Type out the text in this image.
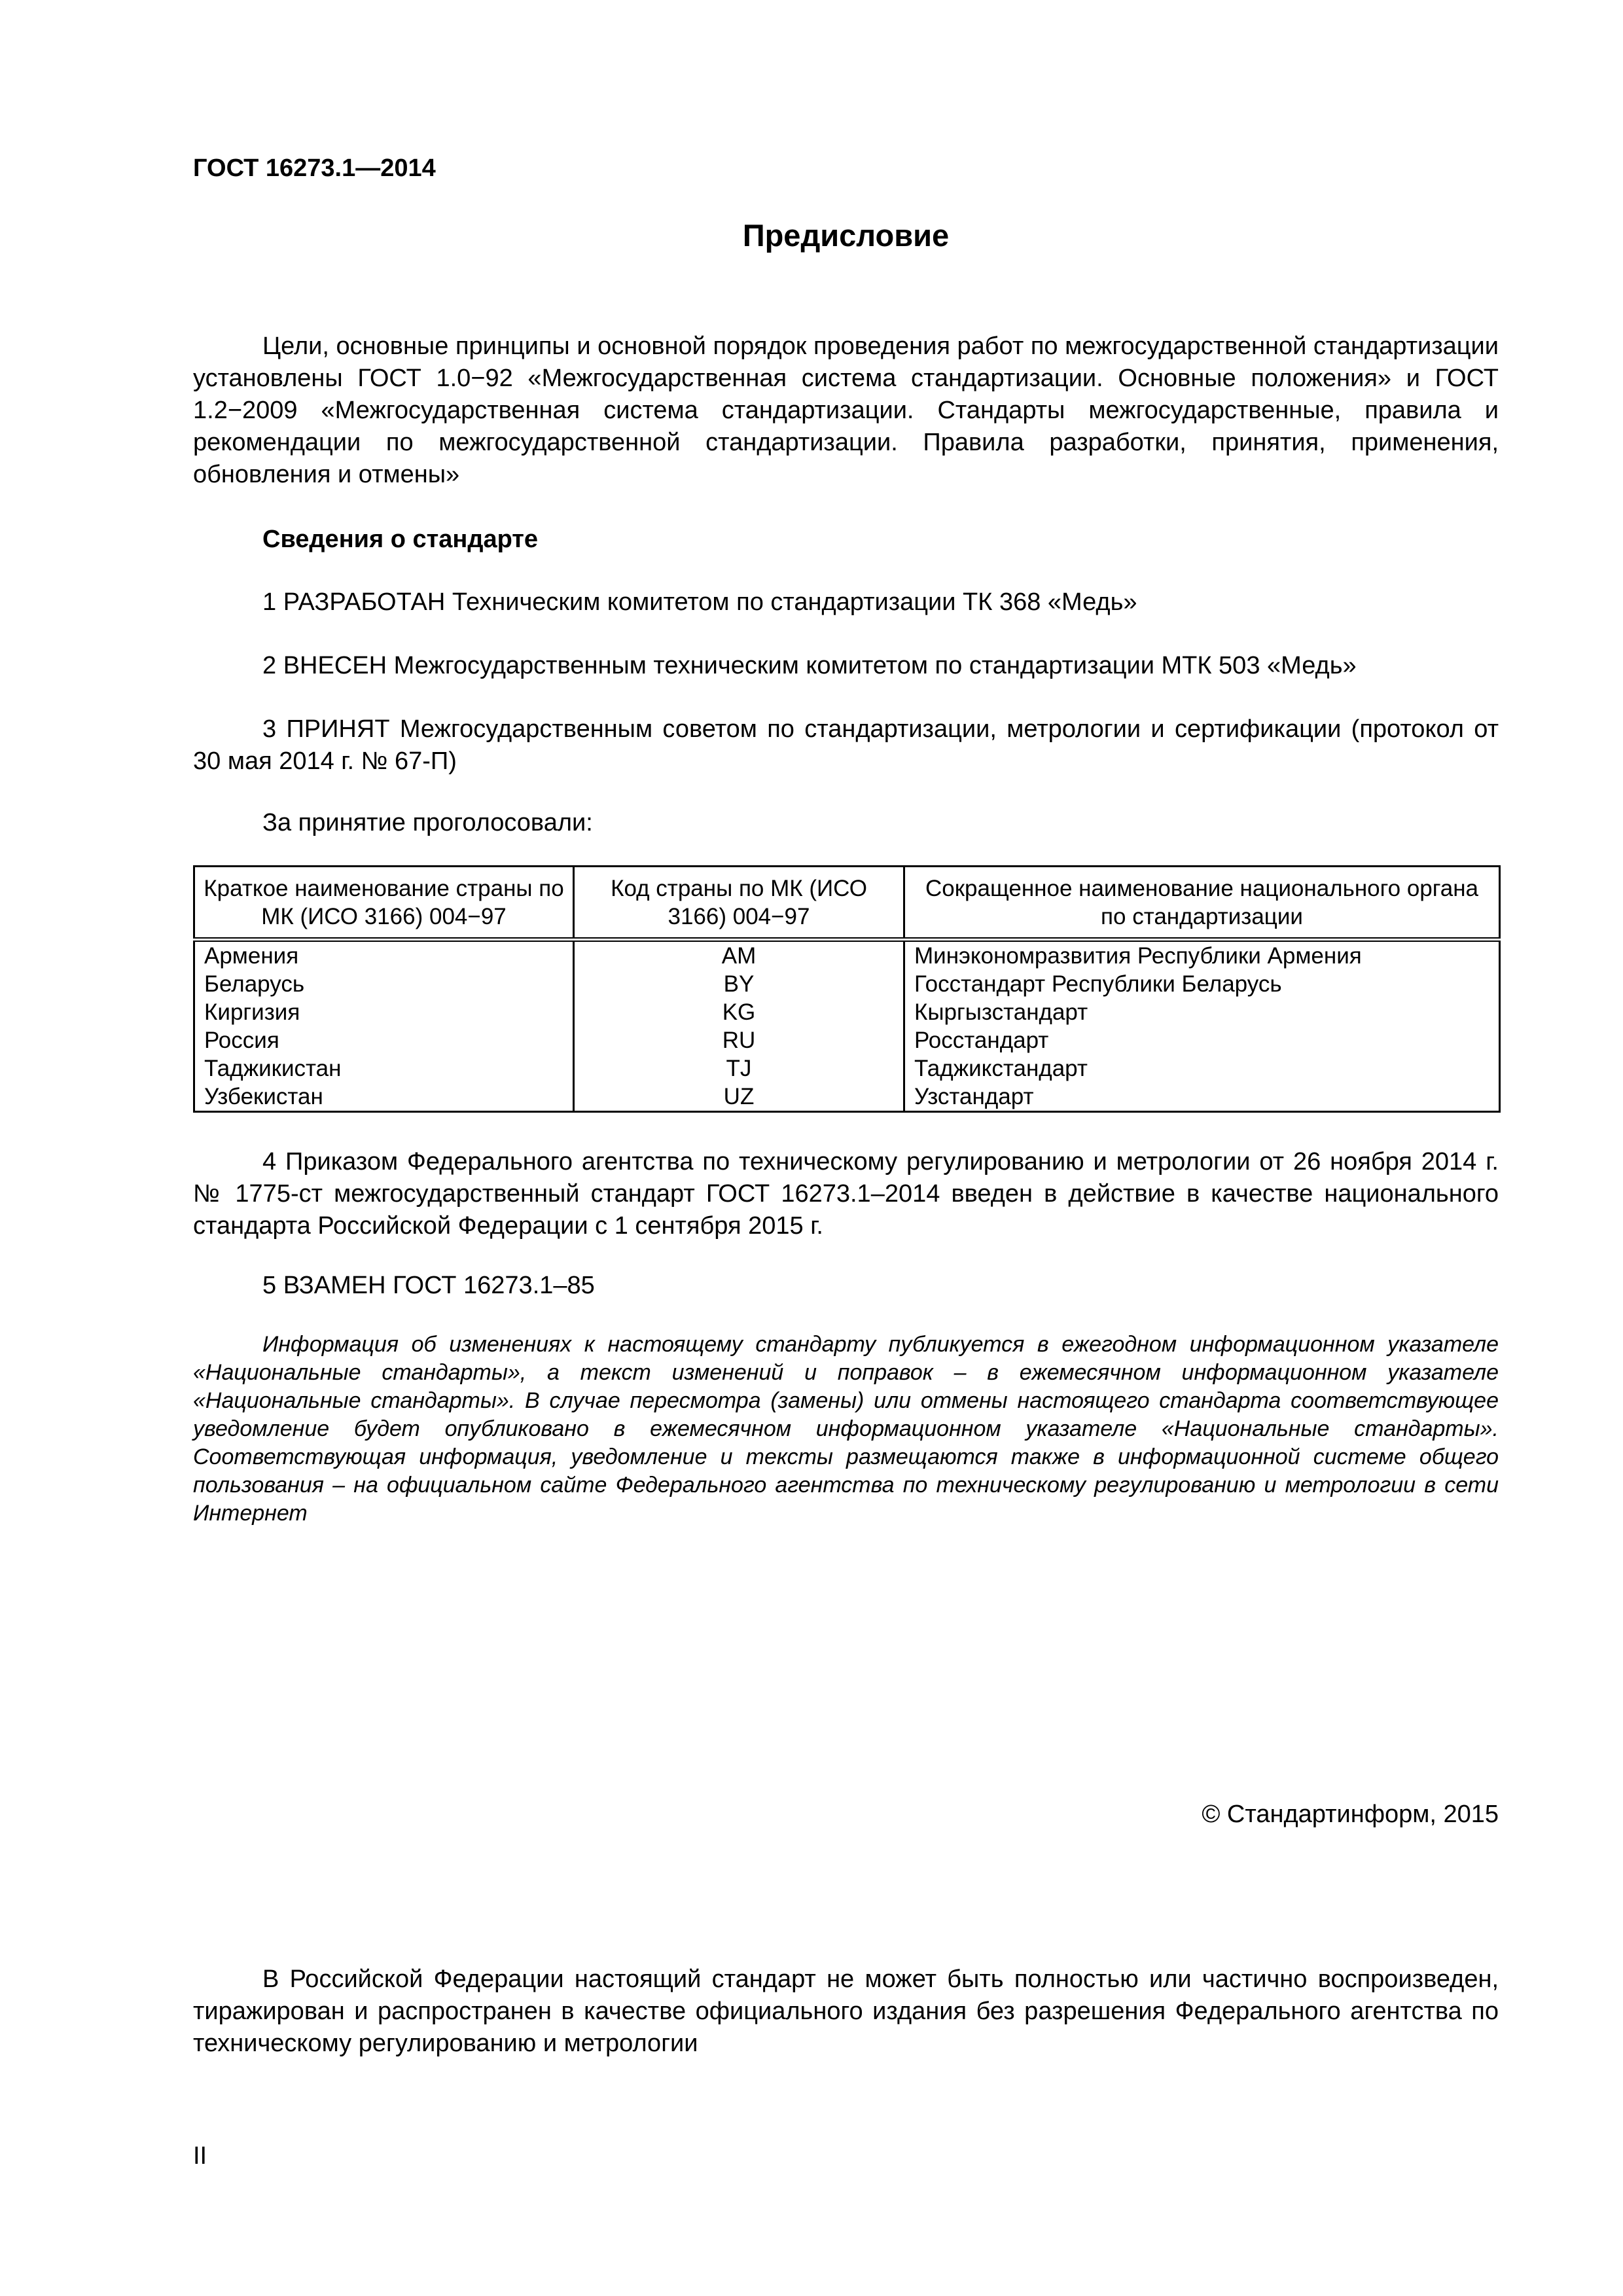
ГОСТ 16273.1—2014
Предисловие

Цели, основные принципы и основной порядок проведения работ по межгосударственной стандартизации установлены ГОСТ 1.0−92 «Межгосударственная система стандартизации. Основные положения» и ГОСТ 1.2−2009 «Межгосударственная система стандартизации. Стандарты межгосударственные, правила и рекомендации по межгосударственной стандартизации. Правила разработки, принятия, применения, обновления и отмены»

Сведения о стандарте

1 РАЗРАБОТАН Техническим комитетом по стандартизации ТК 368 «Медь»

2 ВНЕСЕН Межгосударственным техническим комитетом по стандартизации МТК 503 «Медь»

3 ПРИНЯТ Межгосударственным советом по стандартизации, метрологии и сертификации (протокол от 30 мая 2014 г. № 67-П)

За принятие проголосовали:

Краткое наименование страны по МК (ИСО 3166) 004−97	Код страны по МК (ИСО 3166) 004−97	Сокращенное наименование национального органа по стандартизации
Армения	AM	Минэкономразвития Республики Армения
Беларусь	BY	Госстандарт Республики Беларусь
Киргизия	KG	Кыргызстандарт
Россия	RU	Росстандарт
Таджикистан	TJ	Таджикстандарт
Узбекистан	UZ	Узстандарт

4 Приказом Федерального агентства по техническому регулированию и метрологии от 26 ноября 2014 г. № 1775-ст межгосударственный стандарт ГОСТ 16273.1–2014 введен в действие в качестве национального стандарта Российской Федерации с 1 сентября 2015 г.

5 ВЗАМЕН ГОСТ 16273.1–85

Информация об изменениях к настоящему стандарту публикуется в ежегодном информационном указателе «Национальные стандарты», а текст изменений и поправок – в ежемесячном информационном указателе «Национальные стандарты». В случае пересмотра (замены) или отмены настоящего стандарта соответствующее уведомление будет опубликовано в ежемесячном информационном указателе «Национальные стандарты». Соответствующая информация, уведомление и тексты размещаются также в информационной системе общего пользования – на официальном сайте Федерального агентства по техническому регулированию и метрологии в сети Интернет

© Стандартинформ, 2015

В Российской Федерации настоящий стандарт не может быть полностью или частично воспроизведен, тиражирован и распространен в качестве официального издания без разрешения Федерального агентства по техническому регулированию и метрологии

II
